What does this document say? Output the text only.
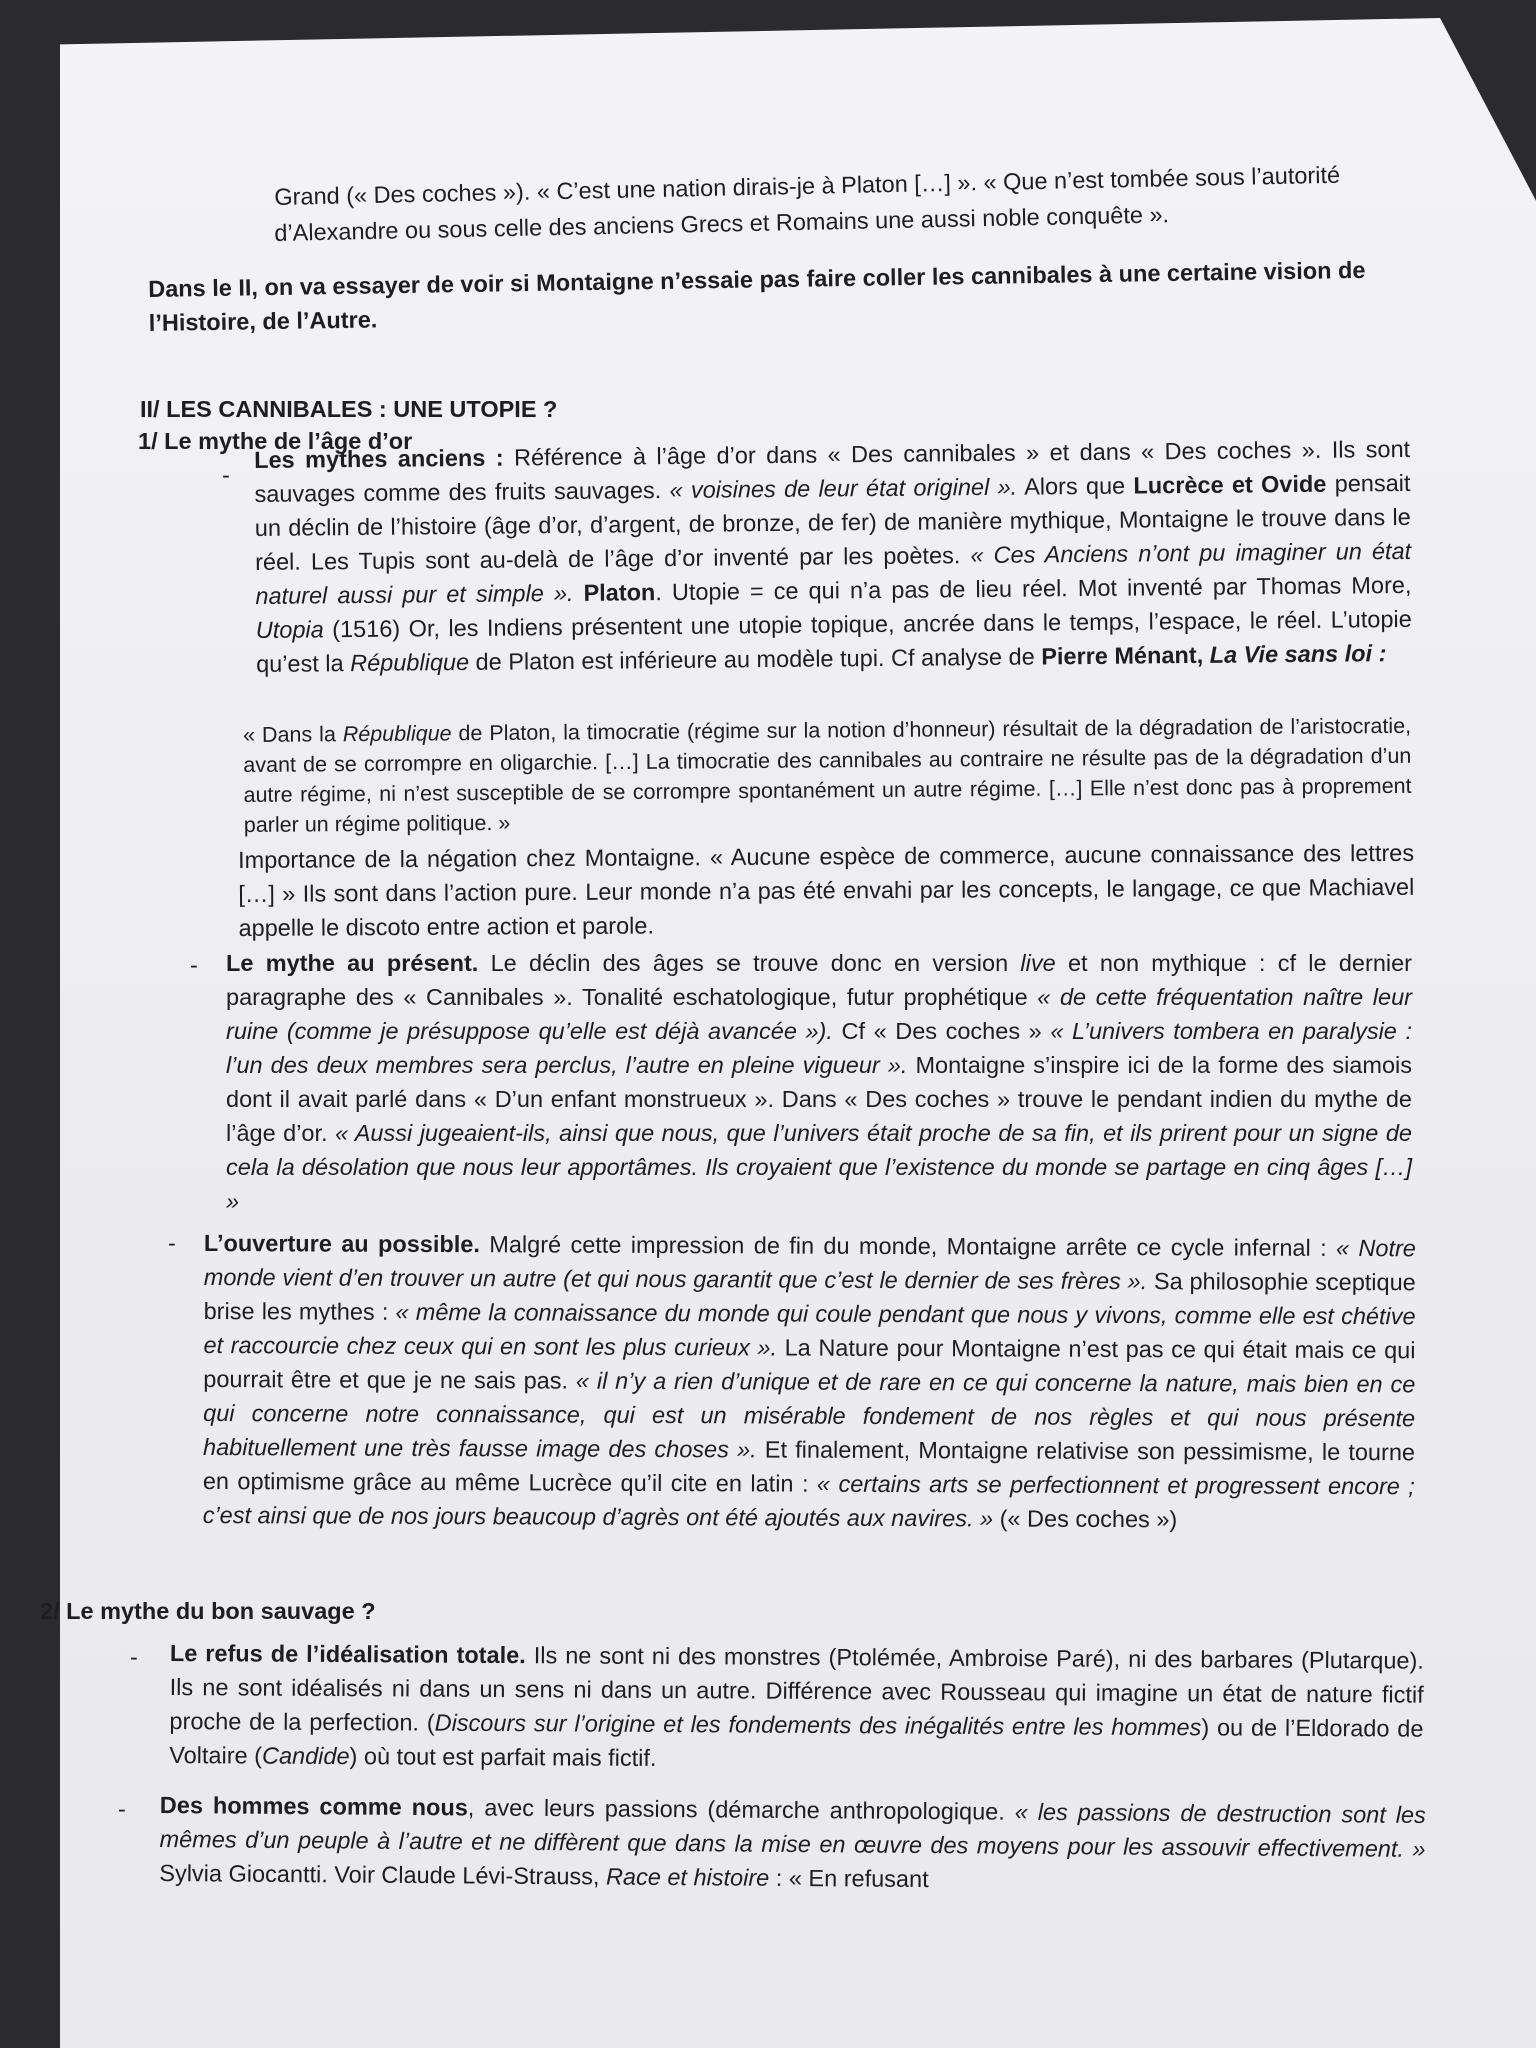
Grand (« Des coches »). « C’est une nation dirais-je à Platon […] ». « Que n’est tombée sous l’autorité

d’Alexandre ou sous celle des anciens Grecs et Romains une aussi noble conquête ».

Dans le II, on va essayer de voir si Montaigne n’essaie pas faire coller les cannibales à une certaine vision de l’Histoire, de l’Autre.

II/ LES CANNIBALES : UNE UTOPIE ?

1/ Le mythe de l’âge d’or

-
Les mythes anciens : Référence à l’âge d’or dans « Des cannibales » et dans « Des coches ». Ils sont sauvages comme des fruits sauvages. « voisines de leur état originel ». Alors que Lucrèce et Ovide pensait un déclin de l’histoire (âge d’or, d’argent, de bronze, de fer) de manière mythique, Montaigne le trouve dans le réel. Les Tupis sont au-delà de l’âge d’or inventé par les poètes. « Ces Anciens n’ont pu imaginer un état naturel aussi pur et simple ». Platon. Utopie = ce qui n’a pas de lieu réel. Mot inventé par Thomas More, Utopia (1516) Or, les Indiens présentent une utopie topique, ancrée dans le temps, l’espace, le réel. L’utopie qu’est la République de Platon est inférieure au modèle tupi. Cf analyse de Pierre Ménant, La Vie sans loi :
« Dans la République de Platon, la timocratie (régime sur la notion d’honneur) résultait de la dégradation de l’aristocratie, avant de se corrompre en oligarchie. […] La timocratie des cannibales au contraire ne résulte pas de la dégradation d’un autre régime, ni n’est susceptible de se corrompre spontanément un autre régime. […] Elle n’est donc pas à proprement parler un régime politique. »
Importance de la négation chez Montaigne. « Aucune espèce de commerce, aucune connaissance des lettres […] » Ils sont dans l’action pure. Leur monde n’a pas été envahi par les concepts, le langage, ce que Machiavel appelle le discoto entre action et parole.
- Le mythe au présent. Le déclin des âges se trouve donc en version live et non mythique : cf le dernier paragraphe des « Cannibales ». Tonalité eschatologique, futur prophétique « de cette fréquentation naître leur ruine (comme je présuppose qu’elle est déjà avancée »). Cf « Des coches » « L’univers tombera en paralysie : l’un des deux membres sera perclus, l’autre en pleine vigueur ». Montaigne s’inspire ici de la forme des siamois dont il avait parlé dans « D’un enfant monstrueux ». Dans « Des coches » trouve le pendant indien du mythe de l’âge d’or. « Aussi jugeaient-ils, ainsi que nous, que l’univers était proche de sa fin, et ils prirent pour un signe de cela la désolation que nous leur apportâmes. Ils croyaient que l’existence du monde se partage en cinq âges […] »
- L’ouverture au possible. Malgré cette impression de fin du monde, Montaigne arrête ce cycle infernal : « Notre monde vient d’en trouver un autre (et qui nous garantit que c’est le dernier de ses frères ». Sa philosophie sceptique brise les mythes : « même la connaissance du monde qui coule pendant que nous y vivons, comme elle est chétive et raccourcie chez ceux qui en sont les plus curieux ». La Nature pour Montaigne n’est pas ce qui était mais ce qui pourrait être et que je ne sais pas. « il n’y a rien d’unique et de rare en ce qui concerne la nature, mais bien en ce qui concerne notre connaissance, qui est un misérable fondement de nos règles et qui nous présente habituellement une très fausse image des choses ». Et finalement, Montaigne relativise son pessimisme, le tourne en optimisme grâce au même Lucrèce qu’il cite en latin : « certains arts se perfectionnent et progressent encore ; c’est ainsi que de nos jours beaucoup d’agrès ont été ajoutés aux navires. » (« Des coches »)

2/ Le mythe du bon sauvage ?

- Le refus de l’idéalisation totale. Ils ne sont ni des monstres (Ptolémée, Ambroise Paré), ni des barbares (Plutarque). Ils ne sont idéalisés ni dans un sens ni dans un autre. Différence avec Rousseau qui imagine un état de nature fictif proche de la perfection. (Discours sur l’origine et les fondements des inégalités entre les hommes) ou de l’Eldorado de Voltaire (Candide) où tout est parfait mais fictif.
- Des hommes comme nous, avec leurs passions (démarche anthropologique. « les passions de destruction sont les mêmes d’un peuple à l’autre et ne diffèrent que dans la mise en œuvre des moyens pour les assouvir effectivement. » Sylvia Giocantti. Voir Claude Lévi-Strauss, Race et histoire : « En refusant
